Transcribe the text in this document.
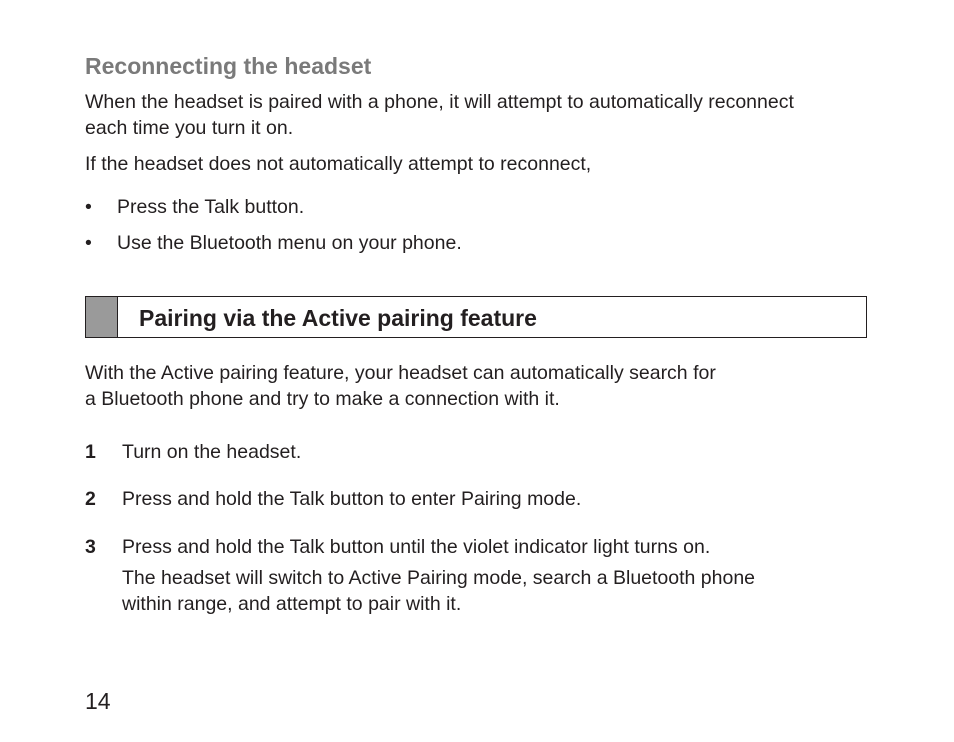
Reconnecting the headset
When the headset is paired with a phone, it will attempt to automatically reconnect
each time you turn it on.
If the headset does not automatically attempt to reconnect,
•	Press the Talk button.
•	Use the Bluetooth menu on your phone.
Pairing via the Active pairing feature
With the Active pairing feature, your headset can automatically search for
a Bluetooth phone and try to make a connection with it.
1 Turn on the headset.
2 Press and hold the Talk button to enter Pairing mode.
3 Press and hold the Talk button until the violet indicator light turns on.
The headset will switch to Active Pairing mode, search a Bluetooth phone
within range, and attempt to pair with it.
14
